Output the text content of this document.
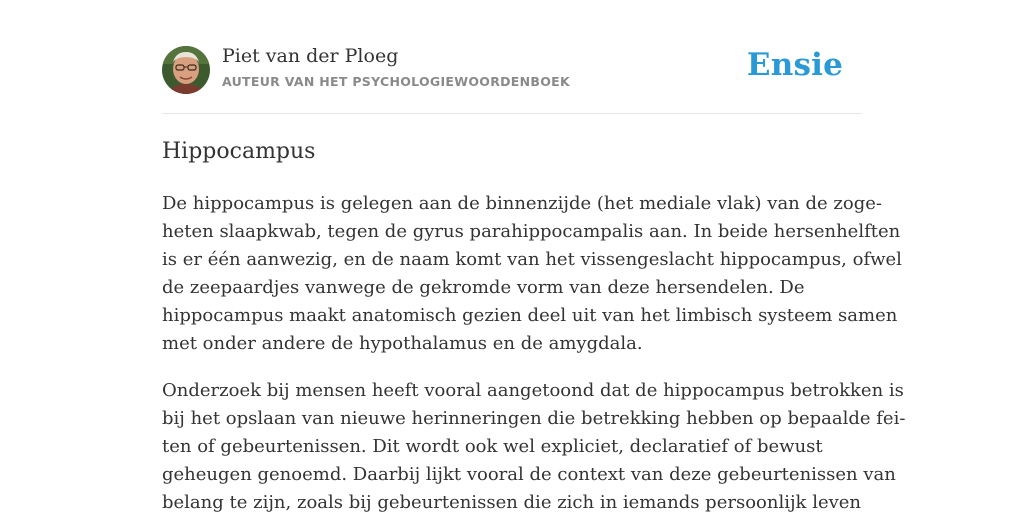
Piet van der Ploeg
AUTEUR VAN HET PSYCHOLOGIEWOORDENBOEK	Ensie
Hippocampus

De hippocampus is gelegen aan de binnenzijde (het mediale vlak) van de zoge-
heten slaapkwab, tegen de gyrus parahippocampalis aan. In beide hersenhelften
is er één aanwezig, en de naam komt van het vissengeslacht hippocampus, ofwel
de zeepaardjes vanwege de gekromde vorm van deze hersendelen. De
hippocampus maakt anatomisch gezien deel uit van het limbisch systeem samen
met onder andere de hypothalamus en de amygdala.

Onderzoek bij mensen heeft vooral aangetoond dat de hippocampus betrokken is
bij het opslaan van nieuwe herinneringen die betrekking hebben op bepaalde fei-
ten of gebeurtenissen. Dit wordt ook wel expliciet, declaratief of bewust
geheugen genoemd. Daarbij lijkt vooral de context van deze gebeurtenissen van
belang te zijn, zoals bij gebeurtenissen die zich in iemands persoonlijk leven
